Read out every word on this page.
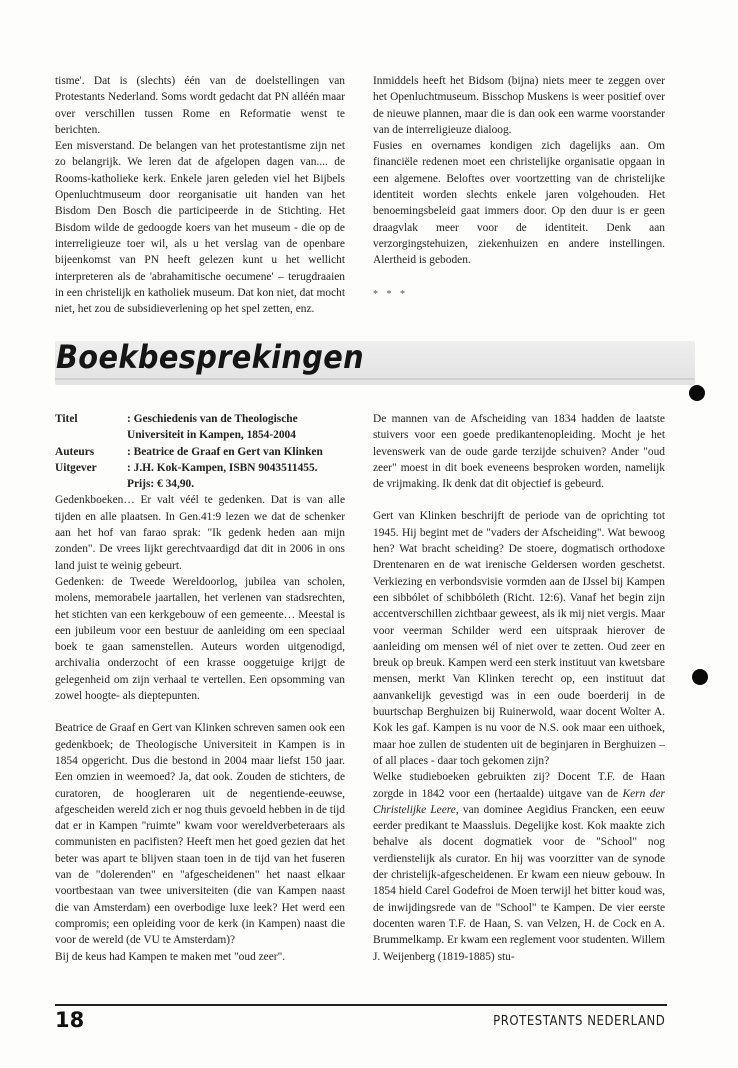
tisme'. Dat is (slechts) één van de doelstellingen van Protestants Nederland. Soms wordt gedacht dat PN alléén maar over verschillen tussen Rome en Reformatie wenst te berichten.

Een misverstand. De belangen van het protestantisme zijn net zo belangrijk. We leren dat de afgelopen dagen van.... de Rooms-katholieke kerk. Enkele jaren geleden viel het Bijbels Openluchtmuseum door reorganisatie uit handen van het Bisdom Den Bosch die participeerde in de Stichting. Het Bisdom wilde de gedoogde koers van het museum - die op de interreligieuze toer wil, als u het verslag van de openbare bijeenkomst van PN heeft gelezen kunt u het wellicht interpreteren als de 'abrahamitische oecumene' – terugdraaien in een christelijk en katholiek museum. Dat kon niet, dat mocht niet, het zou de subsidieverlening op het spel zetten, enz.

Inmiddels heeft het Bidsom (bijna) niets meer te zeggen over het Openluchtmuseum. Bisschop Muskens is weer positief over de nieuwe plannen, maar die is dan ook een warme voorstander van de interreligieuze dialoog.

Fusies en overnames kondigen zich dagelijks aan. Om financiële redenen moet een christelijke organisatie opgaan in een algemene. Beloftes over voortzetting van de christelijke identiteit worden slechts enkele jaren volgehouden. Het benoemingsbeleid gaat immers door. Op den duur is er geen draagvlak meer voor de identiteit. Denk aan verzorgingstehuizen, ziekenhuizen en andere instellingen. Alertheid is geboden.

* * *
Boekbesprekingen
Titel	: Geschiedenis van de Theologische Universiteit in Kampen, 1854-2004
Auteurs	: Beatrice de Graaf en Gert van Klinken
Uitgever	: J.H. Kok-Kampen, ISBN 9043511455.
Prijs: € 34,90.

Gedenkboeken… Er valt véél te gedenken. Dat is van alle tijden en alle plaatsen. In Gen.41:9 lezen we dat de schenker aan het hof van farao sprak: "Ik gedenk heden aan mijn zonden". De vrees lijkt gerechtvaardigd dat dit in 2006 in ons land juist te weinig gebeurt.

Gedenken: de Tweede Wereldoorlog, jubilea van scholen, molens, memorabele jaartallen, het verlenen van stadsrechten, het stichten van een kerkgebouw of een gemeente… Meestal is een jubileum voor een bestuur de aanleiding om een speciaal boek te gaan samenstellen. Auteurs worden uitgenodigd, archivalia onderzocht of een krasse ooggetuige krijgt de gelegenheid om zijn verhaal te vertellen. Een opsomming van zowel hoogte- als dieptepunten.

Beatrice de Graaf en Gert van Klinken schreven samen ook een gedenkboek; de Theologische Universiteit in Kampen is in 1854 opgericht. Dus die bestond in 2004 maar liefst 150 jaar. Een omzien in weemoed? Ja, dat ook. Zouden de stichters, de curatoren, de hoogleraren uit de negentiende-eeuwse, afgescheiden wereld zich er nog thuis gevoeld hebben in de tijd dat er in Kampen "ruimte" kwam voor wereldverbeteraars als communisten en pacifisten? Heeft men het goed gezien dat het beter was apart te blijven staan toen in de tijd van het fuseren van de "dolerenden" en "afgescheidenen" het naast elkaar voortbestaan van twee universiteiten (die van Kampen naast die van Amsterdam) een overbodige luxe leek? Het werd een compromis; een opleiding voor de kerk (in Kampen) naast die voor de wereld (de VU te Amsterdam)?

Bij de keus had Kampen te maken met "oud zeer".

De mannen van de Afscheiding van 1834 hadden de laatste stuivers voor een goede predikantenopleiding. Mocht je het levenswerk van de oude garde terzijde schuiven? Ander "oud zeer" moest in dit boek eveneens besproken worden, namelijk de vrijmaking. Ik denk dat dit objectief is gebeurd.

Gert van Klinken beschrijft de periode van de oprichting tot 1945. Hij begint met de "vaders der Afscheiding". Wat bewoog hen? Wat bracht scheiding? De stoere, dogmatisch orthodoxe Drentenaren en de wat irenische Geldersen worden geschetst. Verkiezing en verbondsvisie vormden aan de IJssel bij Kampen een sibbólet of schibbóleth (Richt. 12:6). Vanaf het begin zijn accentverschillen zichtbaar geweest, als ik mij niet vergis. Maar voor veerman Schilder werd een uitspraak hierover de aanleiding om mensen wél of niet over te zetten. Oud zeer en breuk op breuk. Kampen werd een sterk instituut van kwetsbare mensen, merkt Van Klinken terecht op, een instituut dat aanvankelijk gevestigd was in een oude boerderij in de buurtschap Berghuizen bij Ruinerwold, waar docent Wolter A. Kok les gaf. Kampen is nu voor de N.S. ook maar een uithoek, maar hoe zullen de studenten uit de beginjaren in Berghuizen – of all places - daar toch gekomen zijn?

Welke studieboeken gebruikten zij? Docent T.F. de Haan zorgde in 1842 voor een (hertaalde) uitgave van de Kern der Christelijke Leere, van dominee Aegidius Francken, een eeuw eerder predikant te Maassluis. Degelijke kost. Kok maakte zich behalve als docent dogmatiek voor de "School" nog verdienstelijk als curator. En hij was voorzitter van de synode der christelijk-afgescheidenen. Er kwam een nieuw gebouw. In 1854 hield Carel Godefroi de Moen terwijl het bitter koud was, de inwijdingsrede van de "School" te Kampen. De vier eerste docenten waren T.F. de Haan, S. van Velzen, H. de Cock en A. Brummelkamp. Er kwam een reglement voor studenten. Willem J. Weijenberg (1819-1885) stu-

18	PROTESTANTS NEDERLAND
